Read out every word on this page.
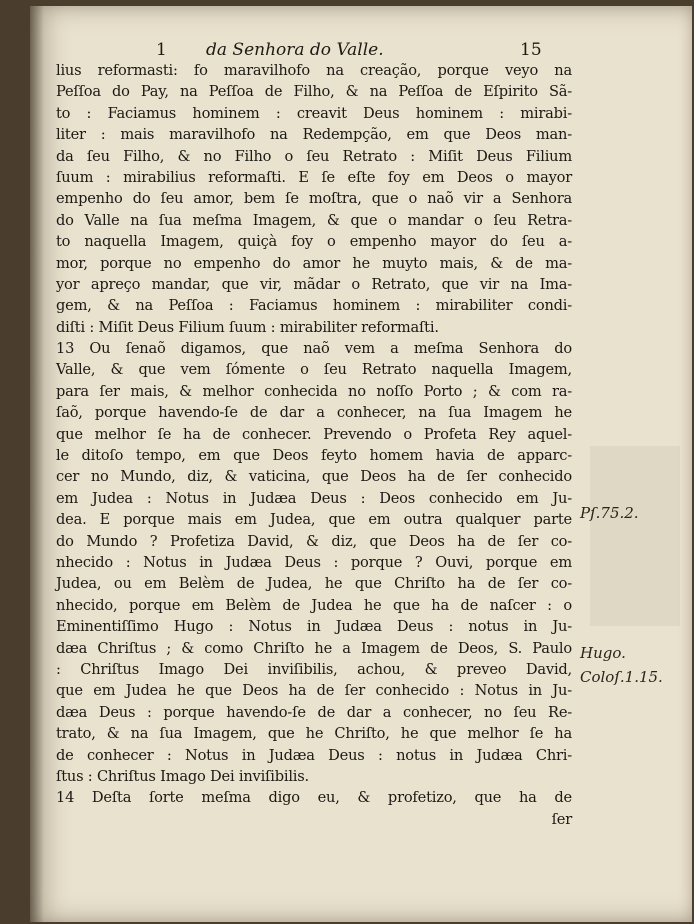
1 da Senhora do Valle.	15
lius reformasti: fo maravilhofo na creação, porque veyo na
Peſſoa do Pay, na Peſſoa de Filho, & na Peſſoa de Eſpirito Sã-
to : Faciamus hominem : creavit Deus hominem : mirabi-
liter : mais maravilhofo na Redempção, em que Deos man-
da ſeu Filho, & no Filho o ſeu Retrato : Miſit Deus Filium
ſuum : mirabilius reformaſti. E ſe eſte foy em Deos o mayor
empenho do ſeu amor, bem ſe moſtra, que o naõ vir a Senhora
do Valle na ſua meſma Imagem, & que o mandar o ſeu Retra-
to naquella Imagem, quiçà foy o empenho mayor do ſeu a-
mor, porque no empenho do amor he muyto mais, & de ma-
yor apreço mandar, que vir, mãdar o Retrato, que vir na Ima-
gem, & na Peſſoa : Faciamus hominem : mirabiliter condi-
diſti : Miſit Deus Filium ſuum : mirabiliter reformaſti.
13 Ou ſenaõ digamos, que naõ vem a meſma Senhora do
Valle, & que vem ſómente o ſeu Retrato naquella Imagem,
para ſer mais, & melhor conhecida no noſſo Porto ; & com ra-
ſaõ, porque havendo-ſe de dar a conhecer, na ſua Imagem he
que melhor ſe ha de conhecer. Prevendo o Profeta Rey aquel-
le ditoſo tempo, em que Deos feyto homem havia de apparc-
cer no Mundo, diz, & vaticina, que Deos ha de ſer conhecido
em Judea : Notus in Judæa Deus : Deos conhecido em Ju-
dea. E porque mais em Judea, que em outra qualquer parte
do Mundo ? Profetiza David, & diz, que Deos ha de ſer co-
nhecido : Notus in Judæa Deus : porque ? Ouvi, porque em
Judea, ou em Belèm de Judea, he que Chriſto ha de ſer co-
nhecido, porque em Belèm de Judea he que ha de naſcer : o
Eminentiſſimo Hugo : Notus in Judæa Deus : notus in Ju-
dæa Chriſtus ; & como Chriſto he a Imagem de Deos, S. Paulo
: Chriſtus Imago Dei inviſibilis, achou, & preveo David,
que em Judea he que Deos ha de ſer conhecido : Notus in Ju-
dæa Deus : porque havendo-ſe de dar a conhecer, no ſeu Re-
trato, & na ſua Imagem, que he Chriſto, he que melhor ſe ha
de conhecer : Notus in Judæa Deus : notus in Judæa Chri-
ſtus : Chriſtus Imago Dei inviſibilis.
14 Deſta ſorte meſma digo eu, & profetizo, que ha de
ſer
Pſ.75.2.
Hugo.
Coloſ.1.15.
